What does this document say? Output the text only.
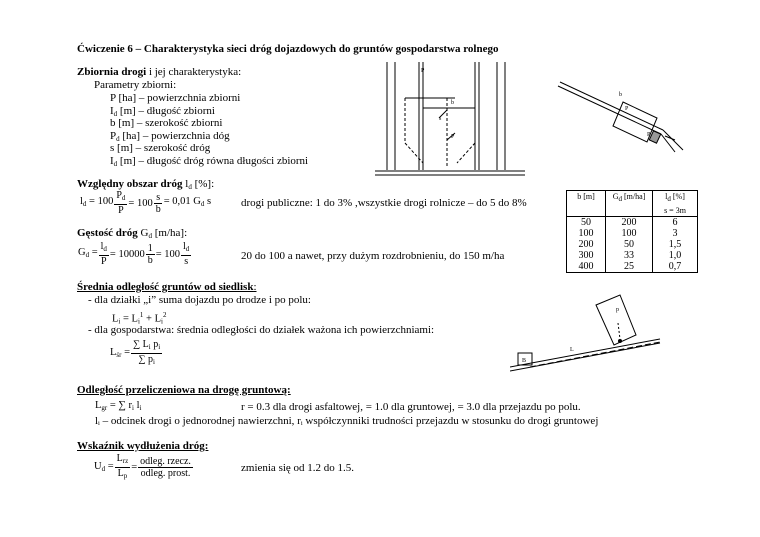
Ćwiczenie 6 – Charakterystyka sieci dróg dojazdowych do gruntów gospodarstwa rolnego
Zbiornia drogi i jej charakterystyka:
Parametry zbiorni:
P [ha] – powierzchnia zbiorni
$I_d$ [m] – długość zbiorni
b [m] – szerokość zbiorni
$P_d$ [ha] – powierzchnia dóg
s [m] – szerokość dróg
$I_d$ [m] – długość dróg równa długości zbiorni
Względny obszar dróg $l_d$ [%]:
$l_d = 100 \frac{P_d}{P} = 100 \frac{s}{b} = 0,01$ $G_d$ s	drogi publiczne: 1 do 3% ,wszystkie drogi rolnicze – do 5 do 8%
Gęstość dróg $G_d$ [m/ha]:
$G_d = \frac{l_d}{P} = 10000 \frac{1}{b} = 100 \frac{l_d}{s}$	20 do 100 a nawet, przy dużym rozdrobnieniu, do 150 m/ha
b [m]	$G_d$ [m/ha]	$l_d$ [%]
s = 3m
50	200	6
100	100	3
200	50	1,5
300	33	1,0
400	25	0,7
Średnia odległość gruntów od siedlisk:
- dla działki „i” suma dojazdu po drodze i po polu:
$L_i = L_i^1 + L_i^2$
- dla gospodarstwa: średnia odległości do działek ważona ich powierzchniami:
$L_{śr} = \frac{\sum L_i p_i}{\sum p_i}$
Odległość przeliczeniowa na drogę gruntową:
$L_{gr}$ = ∑ $r_i$ $l_i$	r = 0.3 dla drogi asfaltowej, = 1.0 dla gruntowej, = 3.0 dla przejazdu po polu.
lᵢ – odcinek drogi o jednorodnej nawierzchni, rᵢ współczynniki trudności przejazdu w stosunku do drogi gruntowej
Wskaźnik wydłużenia dróg:
$U_d = \frac{L_{rz}}{L_p} = \frac{\text{odleg. rzecz.}}{\text{odleg. prost.}}$	zmienia się od 1.2 do 1.5.
P
b
s
P
b
P
P
B
p
L
